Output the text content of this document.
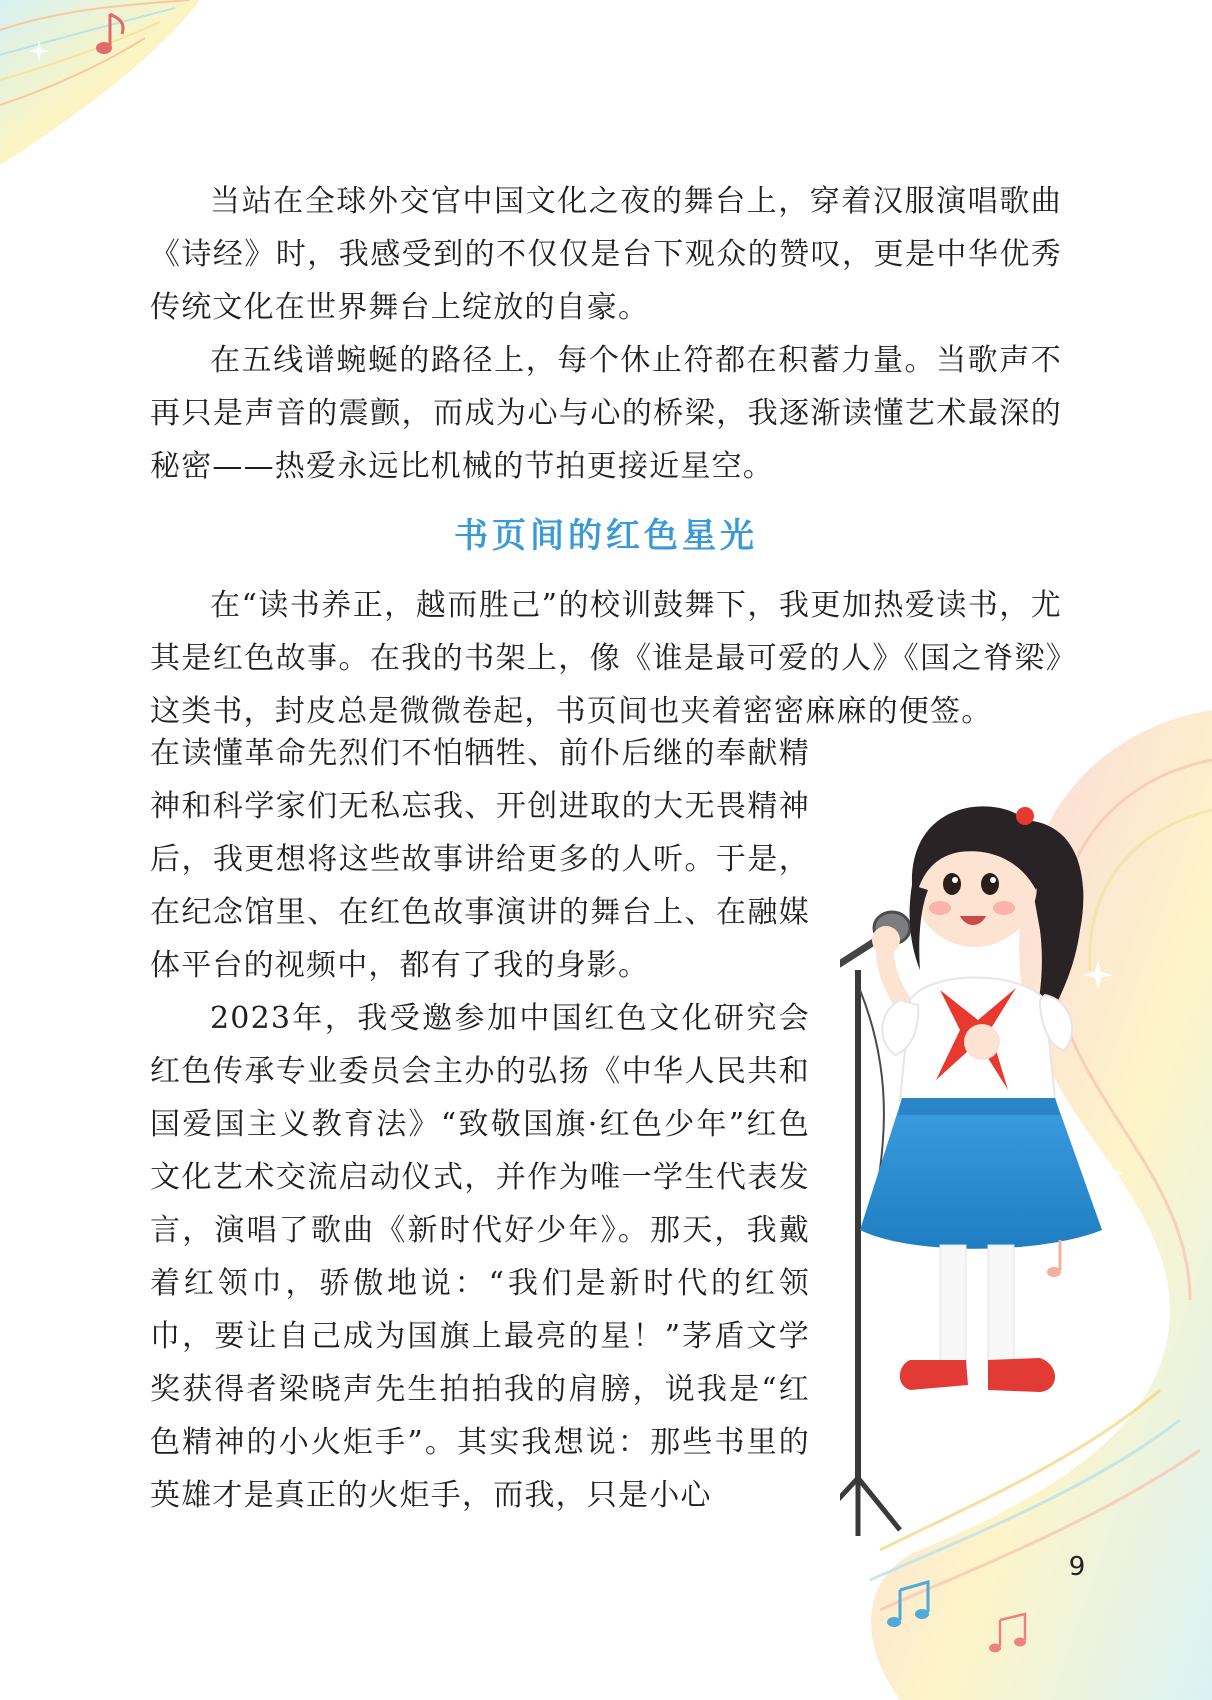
当站在全球外交官中国文化之夜的舞台上，穿着汉服演唱歌曲《诗经》时，我感受到的不仅仅是台下观众的赞叹，更是中华优秀传统文化在世界舞台上绽放的自豪。

在五线谱蜿蜒的路径上，每个休止符都在积蓄力量。当歌声不再只是声音的震颤，而成为心与心的桥梁，我逐渐读懂艺术最深的秘密——热爱永远比机械的节拍更接近星空。

书页间的红色星光

在“读书养正，越而胜己”的校训鼓舞下，我更加热爱读书，尤其是红色故事。在我的书架上，像《谁是最可爱的人》《国之脊梁》这类书，封皮总是微微卷起，书页间也夹着密密麻麻的便签。

在读懂革命先烈们不怕牺牲、前仆后继的奉献精神和科学家们无私忘我、开创进取的大无畏精神后，我更想将这些故事讲给更多的人听。于是，在纪念馆里、在红色故事演讲的舞台上、在融媒体平台的视频中，都有了我的身影。

2023年，我受邀参加中国红色文化研究会红色传承专业委员会主办的弘扬《中华人民共和国爱国主义教育法》“致敬国旗·红色少年”红色文化艺术交流启动仪式，并作为唯一学生代表发言，演唱了歌曲《新时代好少年》。那天，我戴着红领巾，骄傲地说：“我们是新时代的红领巾，要让自己成为国旗上最亮的星！”茅盾文学奖获得者梁晓声先生拍拍我的肩膀，说我是“红色精神的小火炬手”。其实我想说：那些书里的英雄才是真正的火炬手，而我，只是小心

9
